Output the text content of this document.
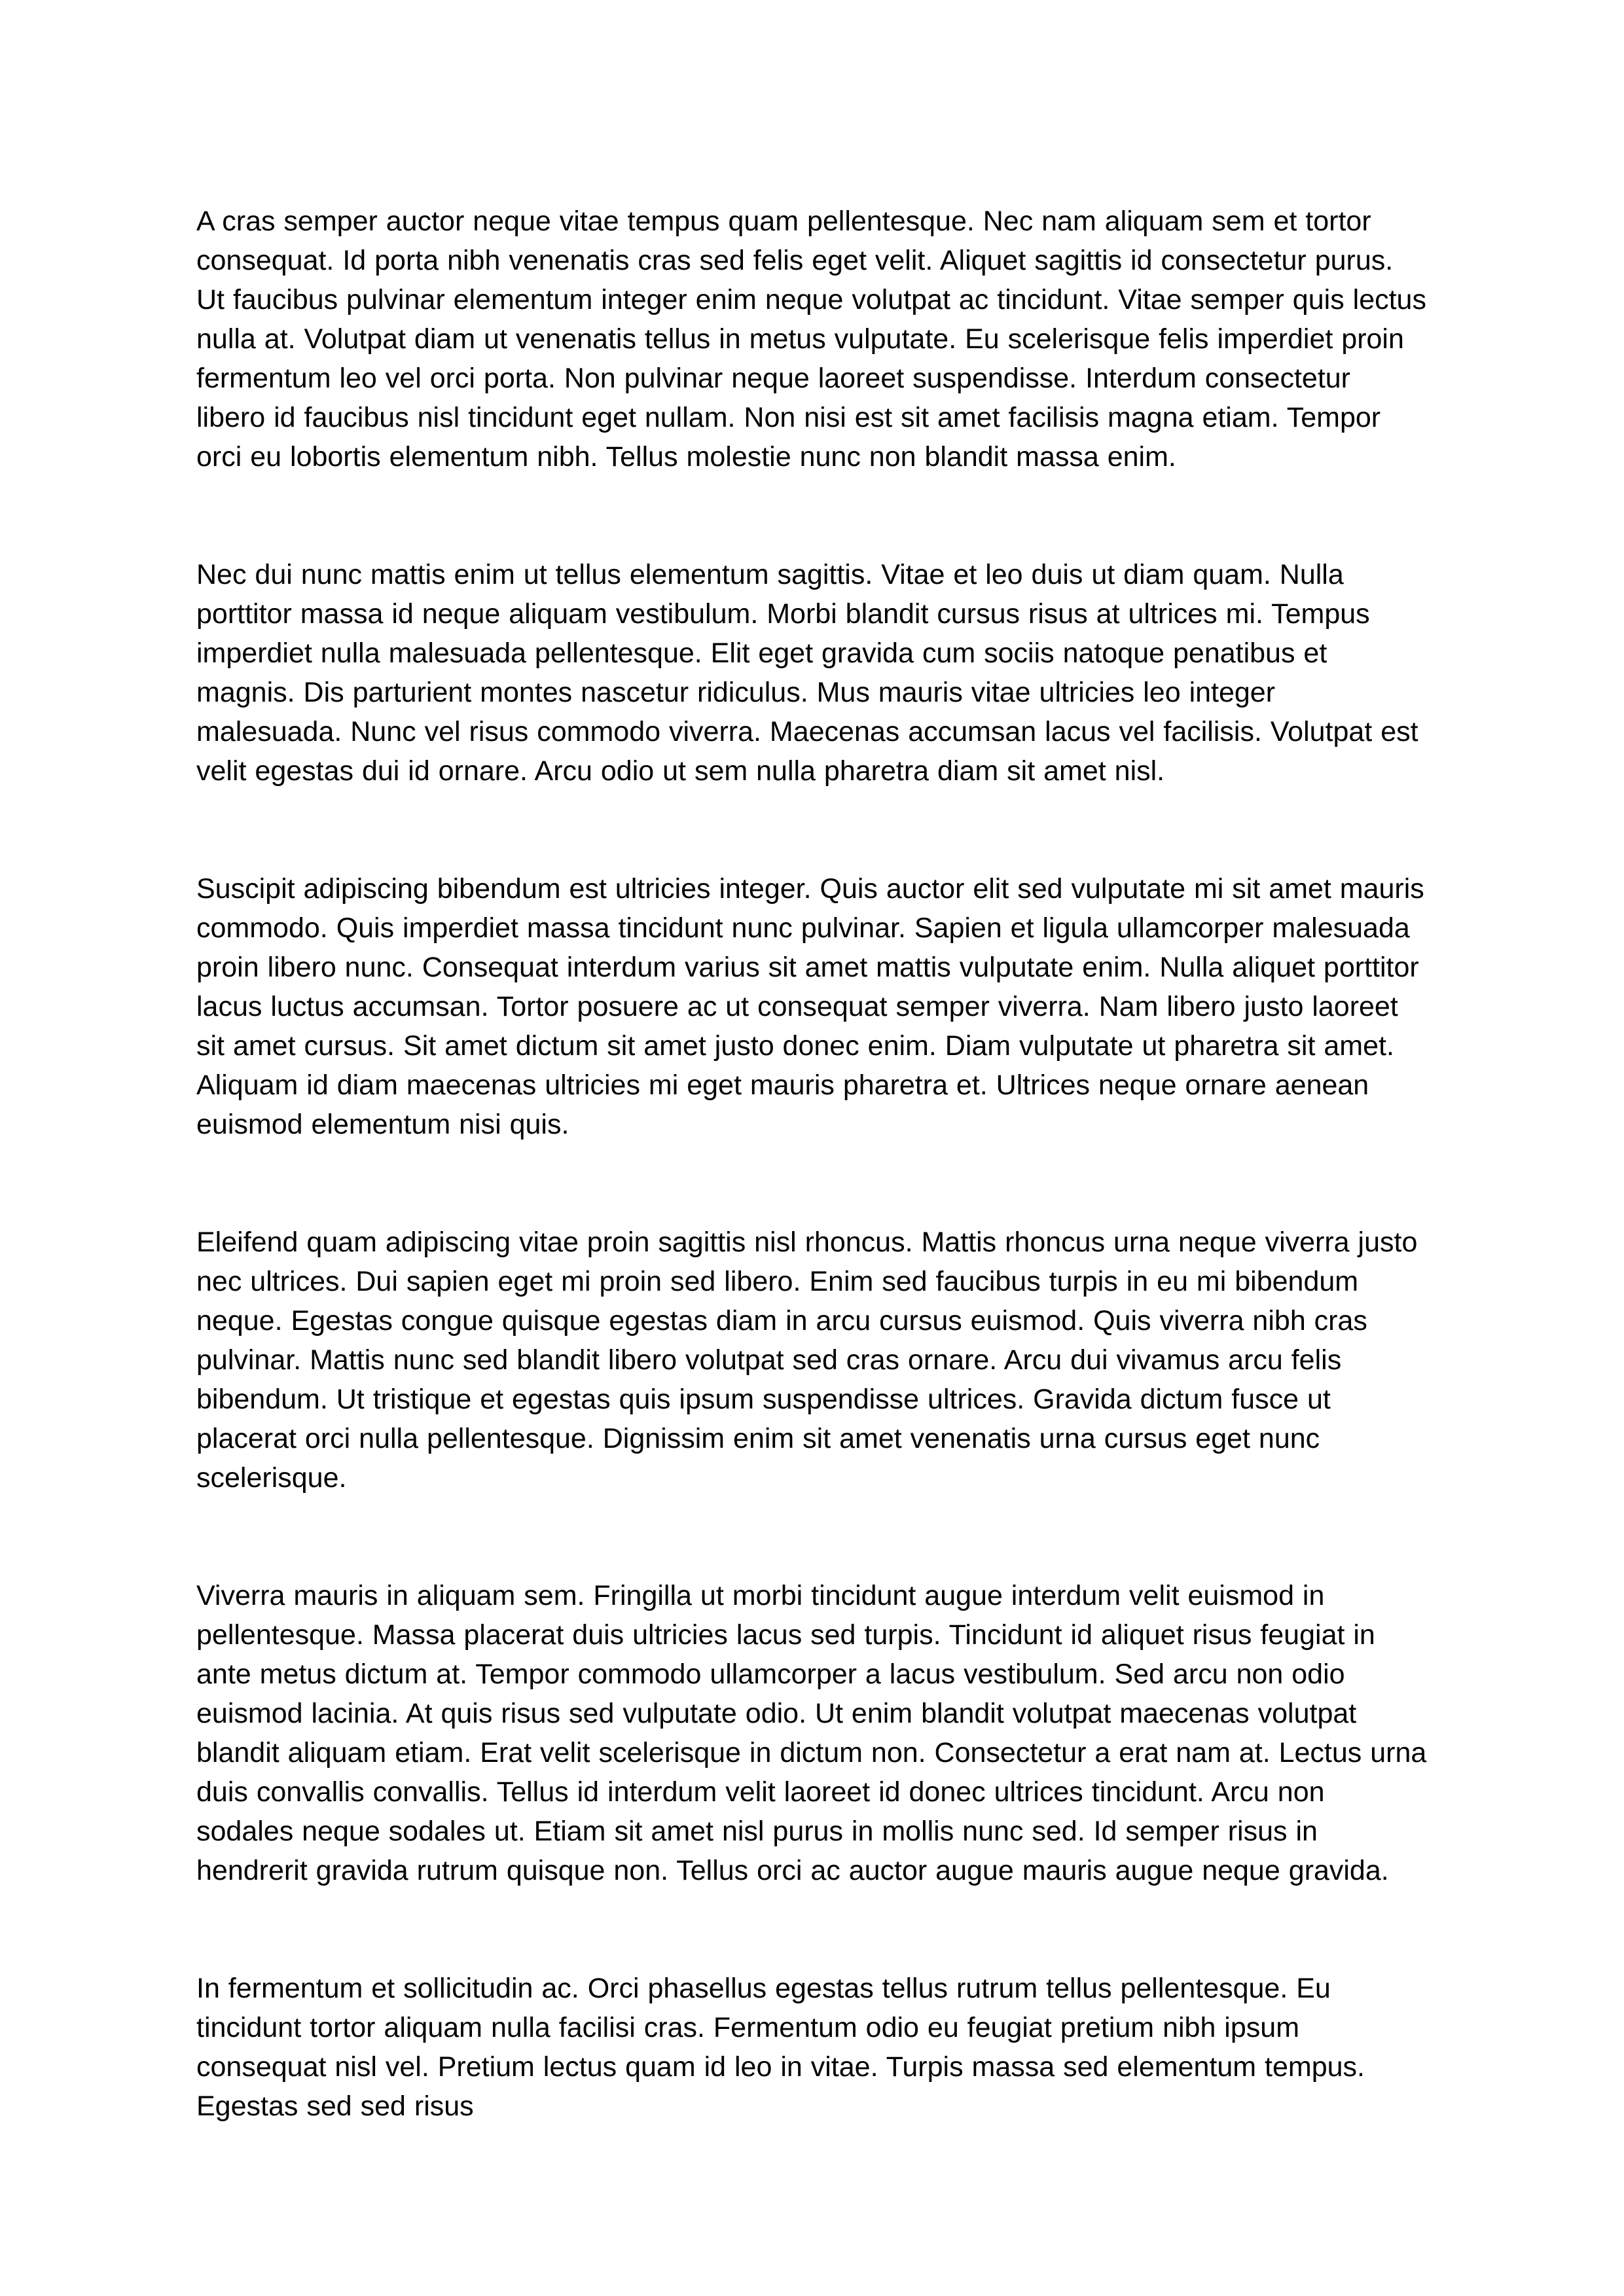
A cras semper auctor neque vitae tempus quam pellentesque. Nec nam aliquam sem et tortor consequat. Id porta nibh venenatis cras sed felis eget velit. Aliquet sagittis id consectetur purus. Ut faucibus pulvinar elementum integer enim neque volutpat ac tincidunt. Vitae semper quis lectus nulla at. Volutpat diam ut venenatis tellus in metus vulputate. Eu scelerisque felis imperdiet proin fermentum leo vel orci porta. Non pulvinar neque laoreet suspendisse. Interdum consectetur libero id faucibus nisl tincidunt eget nullam. Non nisi est sit amet facilisis magna etiam. Tempor orci eu lobortis elementum nibh. Tellus molestie nunc non blandit massa enim.

Nec dui nunc mattis enim ut tellus elementum sagittis. Vitae et leo duis ut diam quam. Nulla porttitor massa id neque aliquam vestibulum. Morbi blandit cursus risus at ultrices mi. Tempus imperdiet nulla malesuada pellentesque. Elit eget gravida cum sociis natoque penatibus et magnis. Dis parturient montes nascetur ridiculus. Mus mauris vitae ultricies leo integer malesuada. Nunc vel risus commodo viverra. Maecenas accumsan lacus vel facilisis. Volutpat est velit egestas dui id ornare. Arcu odio ut sem nulla pharetra diam sit amet nisl.

Suscipit adipiscing bibendum est ultricies integer. Quis auctor elit sed vulputate mi sit amet mauris commodo. Quis imperdiet massa tincidunt nunc pulvinar. Sapien et ligula ullamcorper malesuada proin libero nunc. Consequat interdum varius sit amet mattis vulputate enim. Nulla aliquet porttitor lacus luctus accumsan. Tortor posuere ac ut consequat semper viverra. Nam libero justo laoreet sit amet cursus. Sit amet dictum sit amet justo donec enim. Diam vulputate ut pharetra sit amet. Aliquam id diam maecenas ultricies mi eget mauris pharetra et. Ultrices neque ornare aenean euismod elementum nisi quis.

Eleifend quam adipiscing vitae proin sagittis nisl rhoncus. Mattis rhoncus urna neque viverra justo nec ultrices. Dui sapien eget mi proin sed libero. Enim sed faucibus turpis in eu mi bibendum neque. Egestas congue quisque egestas diam in arcu cursus euismod. Quis viverra nibh cras pulvinar. Mattis nunc sed blandit libero volutpat sed cras ornare. Arcu dui vivamus arcu felis bibendum. Ut tristique et egestas quis ipsum suspendisse ultrices. Gravida dictum fusce ut placerat orci nulla pellentesque. Dignissim enim sit amet venenatis urna cursus eget nunc scelerisque.

Viverra mauris in aliquam sem. Fringilla ut morbi tincidunt augue interdum velit euismod in pellentesque. Massa placerat duis ultricies lacus sed turpis. Tincidunt id aliquet risus feugiat in ante metus dictum at. Tempor commodo ullamcorper a lacus vestibulum. Sed arcu non odio euismod lacinia. At quis risus sed vulputate odio. Ut enim blandit volutpat maecenas volutpat blandit aliquam etiam. Erat velit scelerisque in dictum non. Consectetur a erat nam at. Lectus urna duis convallis convallis. Tellus id interdum velit laoreet id donec ultrices tincidunt. Arcu non sodales neque sodales ut. Etiam sit amet nisl purus in mollis nunc sed. Id semper risus in hendrerit gravida rutrum quisque non. Tellus orci ac auctor augue mauris augue neque gravida.

In fermentum et sollicitudin ac. Orci phasellus egestas tellus rutrum tellus pellentesque. Eu tincidunt tortor aliquam nulla facilisi cras. Fermentum odio eu feugiat pretium nibh ipsum consequat nisl vel. Pretium lectus quam id leo in vitae. Turpis massa sed elementum tempus. Egestas sed sed risus
